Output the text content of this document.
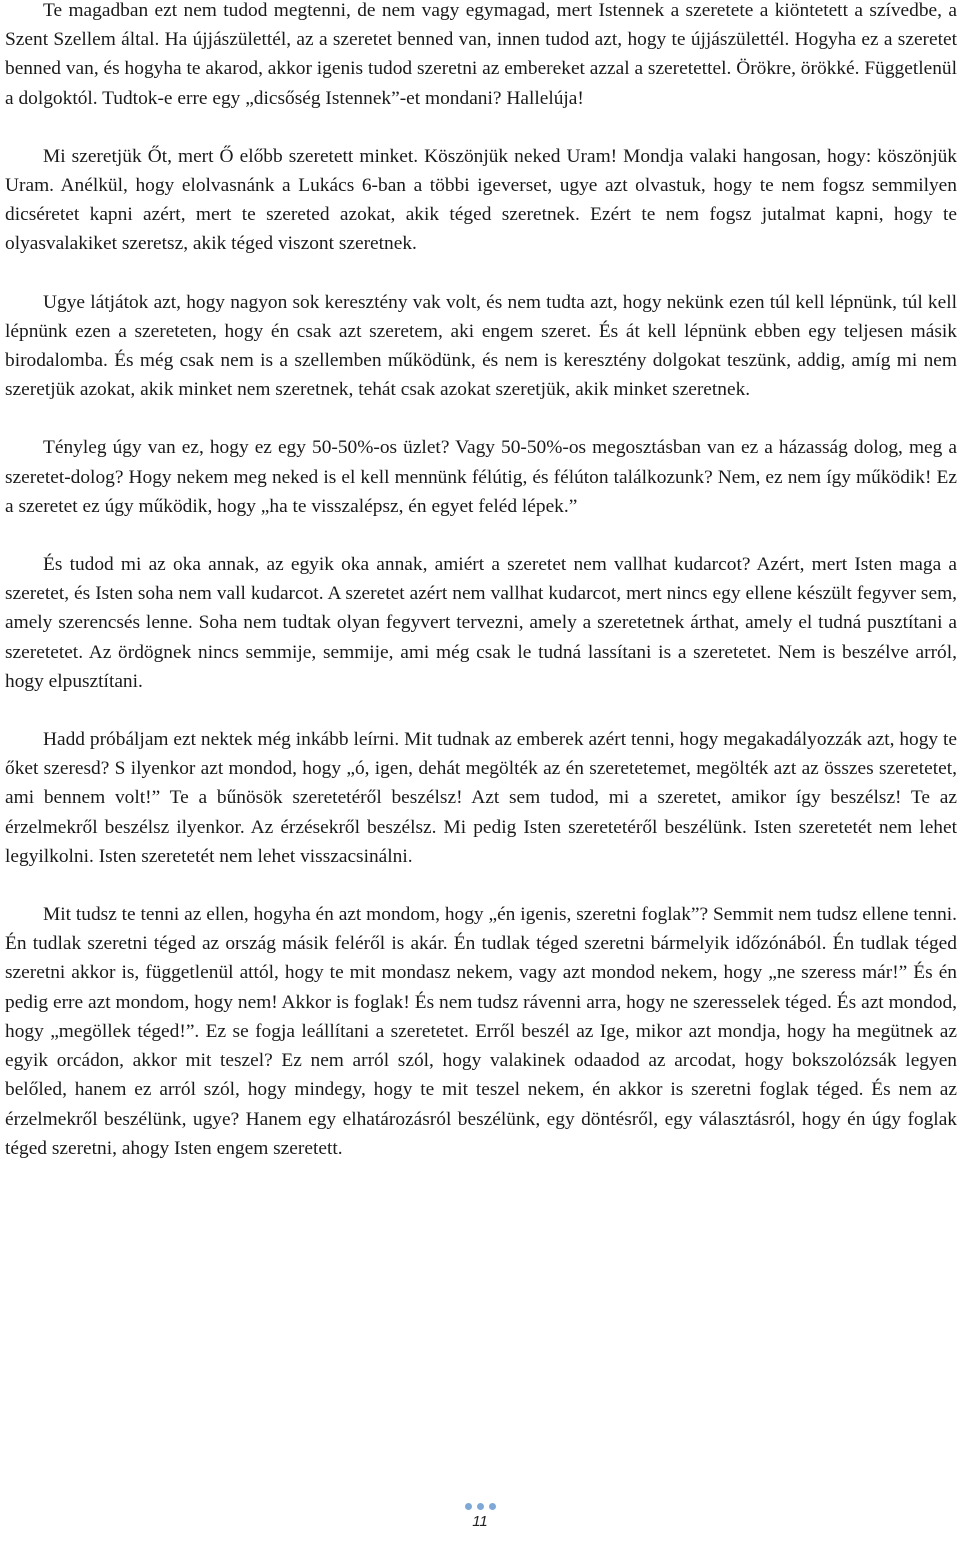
Te magadban ezt nem tudod megtenni, de nem vagy egymagad, mert Istennek a szeretete a kiöntetett a szívedbe, a Szent Szellem által. Ha újjászülettél, az a szeretet benned van, innen tudod azt, hogy te újjászülettél. Hogyha ez a szeretet benned van, és hogyha te akarod, akkor igenis tudod szeretni az embereket azzal a szeretettel. Örökre, örökké. Függetlenül a dolgoktól. Tudtok-e erre egy „dicsőség Istennek”-et mondani? Hallelúja!

Mi szeretjük Őt, mert Ő előbb szeretett minket. Köszönjük neked Uram! Mondja valaki hangosan, hogy: köszönjük Uram. Anélkül, hogy elolvasnánk a Lukács 6-ban a többi igeverset, ugye azt olvastuk, hogy te nem fogsz semmilyen dicséretet kapni azért, mert te szereted azokat, akik téged szeretnek. Ezért te nem fogsz jutalmat kapni, hogy te olyasvalakiket szeretsz, akik téged viszont szeretnek.

Ugye látjátok azt, hogy nagyon sok keresztény vak volt, és nem tudta azt, hogy nekünk ezen túl kell lépnünk, túl kell lépnünk ezen a szereteten, hogy én csak azt szeretem, aki engem szeret. És át kell lépnünk ebben egy teljesen másik birodalomba. És még csak nem is a szellemben működünk, és nem is keresztény dolgokat teszünk, addig, amíg mi nem szeretjük azokat, akik minket nem szeretnek, tehát csak azokat szeretjük, akik minket szeretnek.

Tényleg úgy van ez, hogy ez egy 50-50%-os üzlet? Vagy 50-50%-os megosztásban van ez a házasság dolog, meg a szeretet-dolog? Hogy nekem meg neked is el kell mennünk félútig, és félúton találkozunk? Nem, ez nem így működik! Ez a szeretet ez úgy működik, hogy „ha te visszalépsz, én egyet feléd lépek.”

És tudod mi az oka annak, az egyik oka annak, amiért a szeretet nem vallhat kudarcot? Azért, mert Isten maga a szeretet, és Isten soha nem vall kudarcot. A szeretet azért nem vallhat kudarcot, mert nincs egy ellene készült fegyver sem, amely szerencsés lenne. Soha nem tudtak olyan fegyvert tervezni, amely a szeretetnek árthat, amely el tudná pusztítani a szeretetet. Az ördögnek nincs semmije, semmije, ami még csak le tudná lassítani is a szeretetet. Nem is beszélve arról, hogy elpusztítani.

Hadd próbáljam ezt nektek még inkább leírni. Mit tudnak az emberek azért tenni, hogy megakadályozzák azt, hogy te őket szeresd? S ilyenkor azt mondod, hogy „ó, igen, dehát megölték az én szeretetemet, megölték azt az összes szeretetet, ami bennem volt!” Te a bűnösök szeretetéről beszélsz! Azt sem tudod, mi a szeretet, amikor így beszélsz! Te az érzelmekről beszélsz ilyenkor. Az érzésekről beszélsz. Mi pedig Isten szeretetéről beszélünk. Isten szeretetét nem lehet legyilkolni. Isten szeretetét nem lehet visszacsinálni.

Mit tudsz te tenni az ellen, hogyha én azt mondom, hogy „én igenis, szeretni foglak”? Semmit nem tudsz ellene tenni. Én tudlak szeretni téged az ország másik feléről is akár. Én tudlak téged szeretni bármelyik időzónából. Én tudlak téged szeretni akkor is, függetlenül attól, hogy te mit mondasz nekem, vagy azt mondod nekem, hogy „ne szeress már!” És én pedig erre azt mondom, hogy nem! Akkor is foglak! És nem tudsz rávenni arra, hogy ne szeresselek téged. És azt mondod, hogy „megöllek téged!”. Ez se fogja leállítani a szeretetet. Erről beszél az Ige, mikor azt mondja, hogy ha megütnek az egyik orcádon, akkor mit teszel? Ez nem arról szól, hogy valakinek odaadod az arcodat, hogy bokszolózsák legyen belőled, hanem ez arról szól, hogy mindegy, hogy te mit teszel nekem, én akkor is szeretni foglak téged. És nem az érzelmekről beszélünk, ugye? Hanem egy elhatározásról beszélünk, egy döntésről, egy választásról, hogy én úgy foglak téged szeretni, ahogy Isten engem szeretett.

11
